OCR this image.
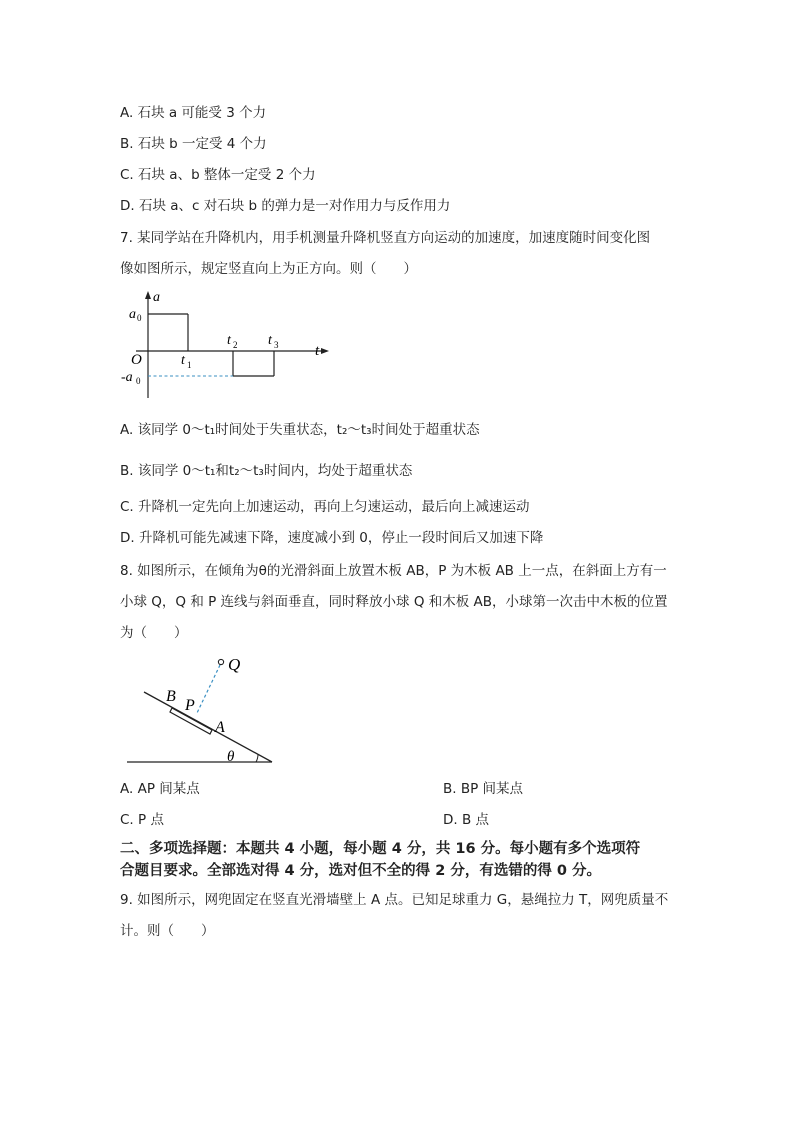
A. 石块 a 可能受 3 个力
B. 石块 b 一定受 4 个力
C. 石块 a、b 整体一定受 2 个力
D. 石块 a、c 对石块 b 的弹力是一对作用力与反作用力
7. 某同学站在升降机内，用手机测量升降机竖直方向运动的加速度，加速度随时间变化图
像如图所示，规定竖直向上为正方向。则（　　）
a
a 0
O
-a 0
t
t 1
t 2 t 3
A. 该同学 0～t₁时间处于失重状态，t₂～t₃时间处于超重状态
B. 该同学 0～t₁和t₂～t₃时间内，均处于超重状态
C. 升降机一定先向上加速运动，再向上匀速运动，最后向上减速运动
D. 升降机可能先减速下降，速度减小到 0，停止一段时间后又加速下降
8. 如图所示，在倾角为θ的光滑斜面上放置木板 AB，P 为木板 AB 上一点，在斜面上方有一
小球 Q，Q 和 P 连线与斜面垂直，同时释放小球 Q 和木板 AB，小球第一次击中木板的位置
为（　　）
Q
B
P
A
θ
A. AP 间某点	B. BP 间某点
C. P 点	D. B 点
二、多项选择题：本题共 4 小题，每小题 4 分，共 16 分。每小题有多个选项符
合题目要求。全部选对得 4 分，选对但不全的得 2 分，有选错的得 0 分。
9. 如图所示，网兜固定在竖直光滑墙壁上 A 点。已知足球重力 G，悬绳拉力 T，网兜质量不
计。则（　　）
